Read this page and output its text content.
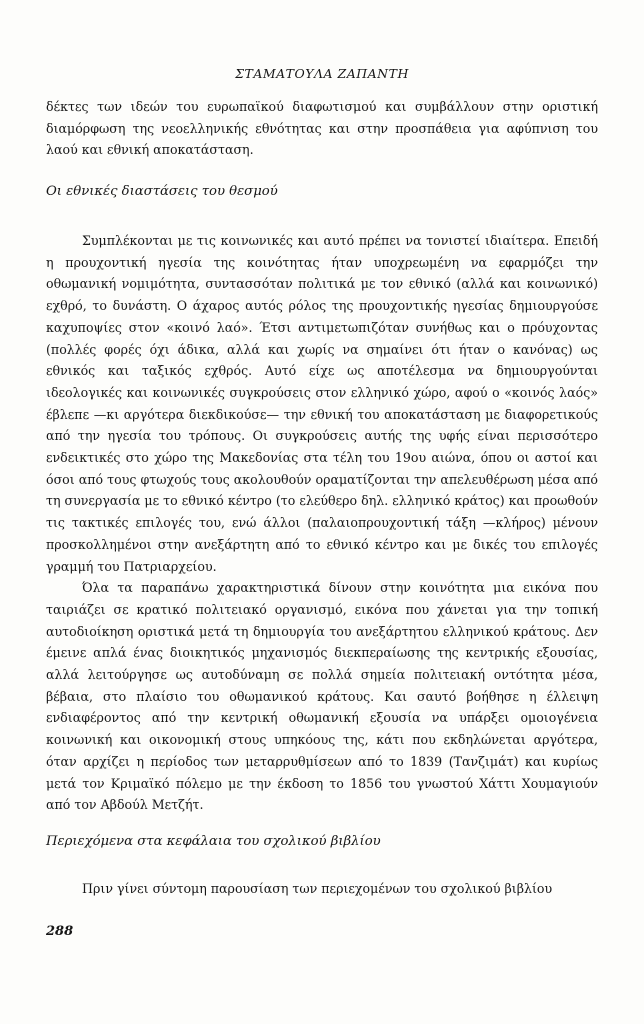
ΣΤΑΜΑΤΟΥΛΑ ΖΑΠΑΝΤΗ

δέκτες των ιδεών του ευρωπαϊκού διαφωτισμού και συμβάλλουν στην οριστική διαμόρφωση της νεοελληνικής εθνότητας και στην προσπάθεια για αφύπνιση του λαού και εθνική αποκατάσταση.

Οι εθνικές διαστάσεις του θεσμού

Συμπλέκονται με τις κοινωνικές και αυτό πρέπει να τονιστεί ιδιαίτερα. Επειδή η προυχοντική ηγεσία της κοινότητας ήταν υποχρεωμένη να εφαρμόζει την οθωμανική νομιμότητα, συντασσόταν πολιτικά με τον εθνικό (αλλά και κοινωνικό) εχθρό, το δυνάστη. Ο άχαρος αυτός ρόλος της προυχοντικής ηγεσίας δημιουργούσε καχυποψίες στον «κοινό λαό». Έτσι αντιμετωπιζόταν συνήθως και ο πρόυχοντας (πολλές φορές όχι άδικα, αλλά και χωρίς να σημαίνει ότι ήταν ο κανόνας) ως εθνικός και ταξικός εχθρός. Αυτό είχε ως αποτέλεσμα να δημιουργούνται ιδεολογικές και κοινωνικές συγκρούσεις στον ελληνικό χώρο, αφού ο «κοινός λαός» έβλεπε —κι αργότερα διεκδικούσε— την εθνική του αποκατάσταση με διαφορετικούς από την ηγεσία του τρόπους. Οι συγκρούσεις αυτής της υφής είναι περισσότερο ενδεικτικές στο χώρο της Μακεδονίας στα τέλη του 19ου αιώνα, όπου οι αστοί και όσοι από τους φτωχούς τους ακολουθούν οραματίζονται την απελευθέρωση μέσα από τη συνεργασία με το εθνικό κέντρο (το ελεύθερο δηλ. ελληνικό κράτος) και προωθούν τις τακτικές επιλογές του, ενώ άλλοι (παλαιοπρουχοντική τάξη —κλήρος) μένουν προσκολλημένοι στην ανεξάρτητη από το εθνικό κέντρο και με δικές του επιλογές γραμμή του Πατριαρχείου.

Όλα τα παραπάνω χαρακτηριστικά δίνουν στην κοινότητα μια εικόνα που ταιριάζει σε κρατικό πολιτειακό οργανισμό, εικόνα που χάνεται για την τοπική αυτοδιοίκηση οριστικά μετά τη δημιουργία του ανεξάρτητου ελληνικού κράτους. Δεν έμεινε απλά ένας διοικητικός μηχανισμός διεκπεραίωσης της κεντρικής εξουσίας, αλλά λειτούργησε ως αυτοδύναμη σε πολλά σημεία πολιτειακή οντότητα μέσα, βέβαια, στο πλαίσιο του οθωμανικού κράτους. Και σαυτό βοήθησε η έλλειψη ενδιαφέροντος από την κεντρική οθωμανική εξουσία να υπάρξει ομοιογένεια κοινωνική και οικονομική στους υπηκόους της, κάτι που εκδηλώνεται αργότερα, όταν αρχίζει η περίοδος των μεταρρυθμίσεων από το 1839 (Τανζιμάτ) και κυρίως μετά τον Κριμαϊκό πόλεμο με την έκδοση το 1856 του γνωστού Χάττι Χουμαγιούν από τον Αβδούλ Μετζήτ.

Περιεχόμενα στα κεφάλαια του σχολικού βιβλίου

Πριν γίνει σύντομη παρουσίαση των περιεχομένων του σχολικού βιβλίου

288
